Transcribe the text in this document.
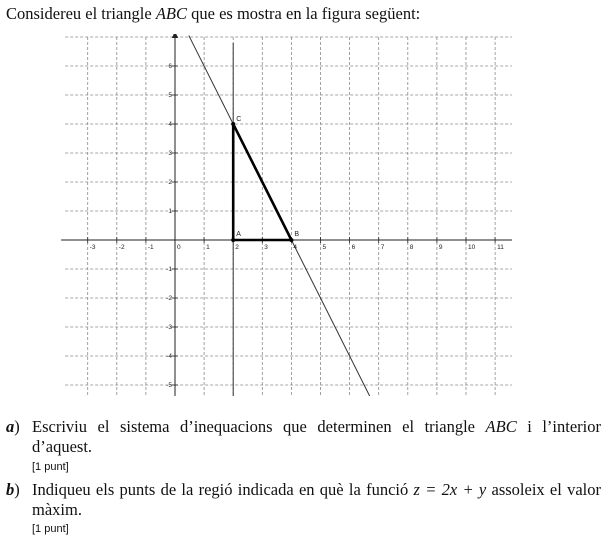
Considereu el triangle ABC que es mostra en la figura següent:
-3	-2	-1	0	1	2	3	4	5	6	7	8	9	10	11
6
5
4
3
2
1
-1
-2
-3
-4
-5
A	B
C
a) Escriviu el sistema d’inequacions que determinen el triangle ABC i l’interior d’aquest.
[1 punt]
b) Indiqueu els punts de la regió indicada en què la funció z = 2x + y assoleix el valor màxim.
[1 punt]
